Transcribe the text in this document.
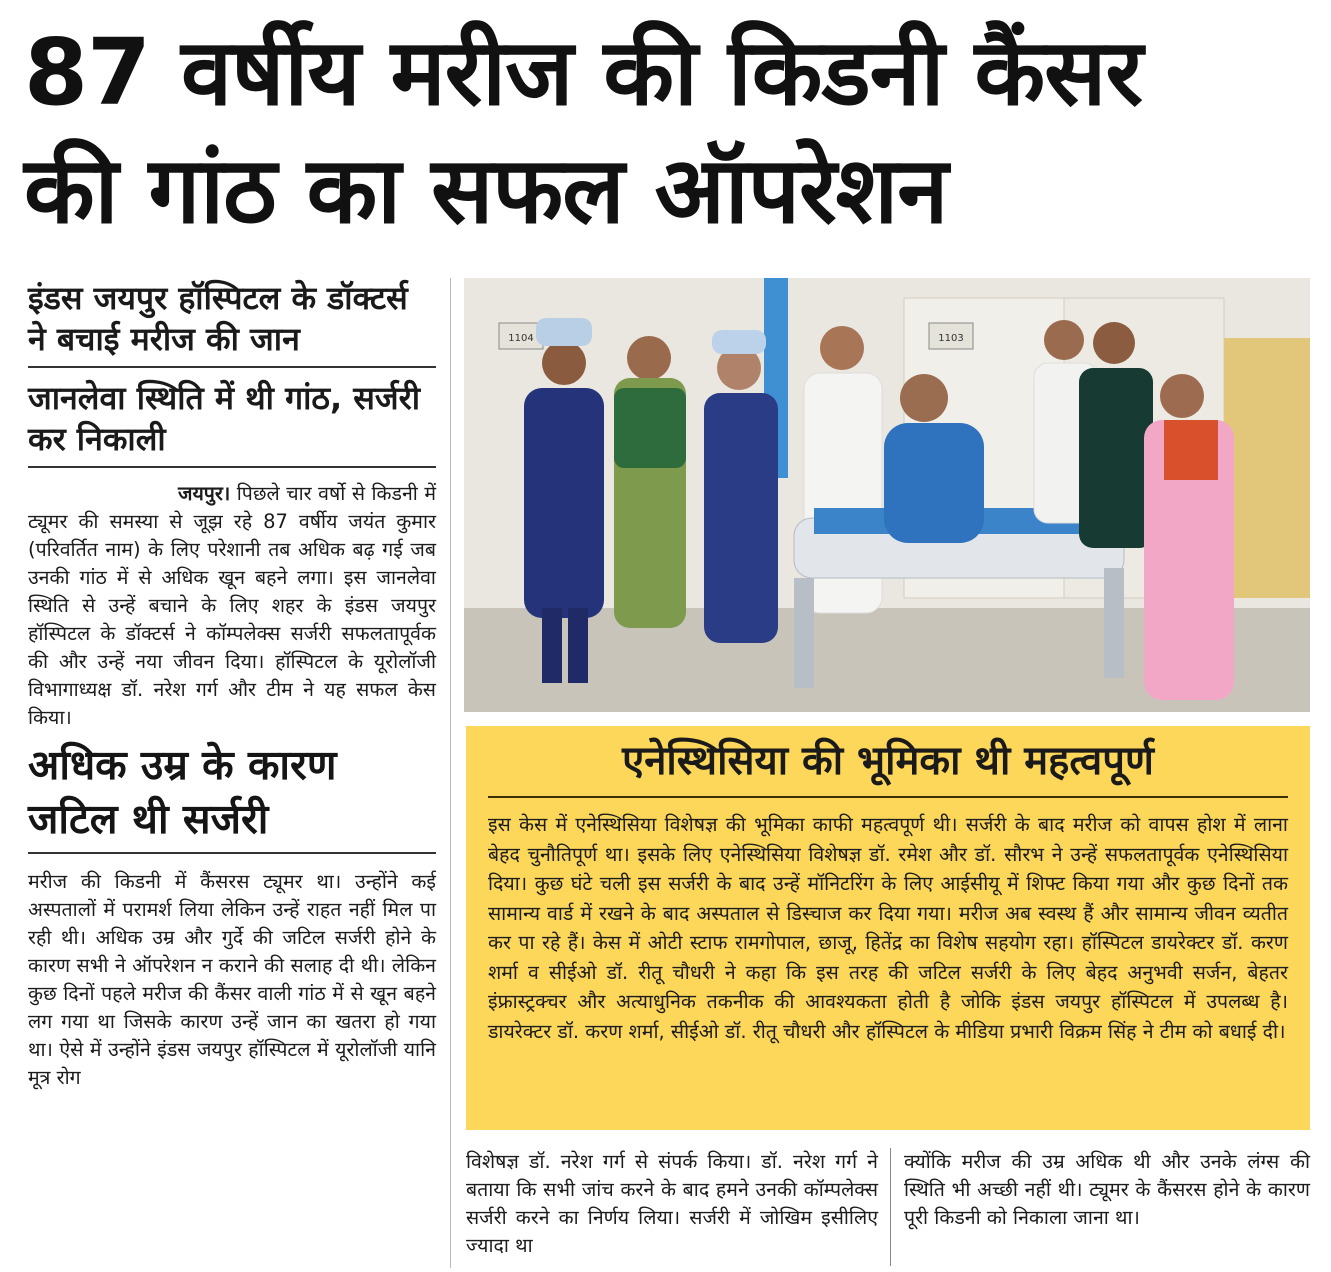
87 वर्षीय मरीज की किडनी कैंसर
की गांठ का सफल ऑपरेशन
इंडस जयपुर हॉस्पिटल के डॉक्टर्स ने बचाई मरीज की जान
जानलेवा स्थिति में थी गांठ, सर्जरी कर निकाली

जयपुर। पिछले चार वर्षो से किडनी में ट्यूमर की समस्या से जूझ रहे 87 वर्षीय जयंत कुमार (परिवर्तित नाम) के लिए परेशानी तब अधिक बढ़ गई जब उनकी गांठ में से अधिक खून बहने लगा। इस जानलेवा स्थिति से उन्हें बचाने के लिए शहर के इंडस जयपुर हॉस्पिटल के डॉक्टर्स ने कॉम्पलेक्स सर्जरी सफलतापूर्वक की और उन्हें नया जीवन दिया। हॉस्पिटल के यूरोलॉजी विभागाध्यक्ष डॉ. नरेश गर्ग और टीम ने यह सफल केस किया।

अधिक उम्र के कारण जटिल थी सर्जरी

मरीज की किडनी में कैंसरस ट्यूमर था। उन्होंने कई अस्पतालों में परामर्श लिया लेकिन उन्हें राहत नहीं मिल पा रही थी। अधिक उम्र और गुर्दे की जटिल सर्जरी होने के कारण सभी ने ऑपरेशन न कराने की सलाह दी थी। लेकिन कुछ दिनों पहले मरीज की कैंसर वाली गांठ में से खून बहने लग गया था जिसके कारण उन्हें जान का खतरा हो गया था। ऐसे में उन्होंने इंडस जयपुर हॉस्पिटल में यूरोलॉजी यानि मूत्र रोग

1104	1103
एनेस्थिसिया की भूमिका थी महत्वपूर्ण

इस केस में एनेस्थिसिया विशेषज्ञ की भूमिका काफी महत्वपूर्ण थी। सर्जरी के बाद मरीज को वापस होश में लाना बेहद चुनौतिपूर्ण था। इसके लिए एनेस्थिसिया विशेषज्ञ डॉ. रमेश और डॉ. सौरभ ने उन्हें सफलतापूर्वक एनेस्थिसिया दिया। कुछ घंटे चली इस सर्जरी के बाद उन्हें मॉनिटरिंग के लिए आईसीयू में शिफ्ट किया गया और कुछ दिनों तक सामान्य वार्ड में रखने के बाद अस्पताल से डिस्चाज कर दिया गया। मरीज अब स्वस्थ हैं और सामान्य जीवन व्यतीत कर पा रहे हैं। केस में ओटी स्टाफ रामगोपाल, छाजू, हितेंद्र का विशेष सहयोग रहा। हॉस्पिटल डायरेक्टर डॉ. करण शर्मा व सीईओ डॉ. रीतू चौधरी ने कहा कि इस तरह की जटिल सर्जरी के लिए बेहद अनुभवी सर्जन, बेहतर इंफ्रास्ट्रक्चर और अत्याधुनिक तकनीक की आवश्यकता होती है जोकि इंडस जयपुर हॉस्पिटल में उपलब्ध है। डायरेक्टर डॉ. करण शर्मा, सीईओ डॉ. रीतू चौधरी और हॉस्पिटल के मीडिया प्रभारी विक्रम सिंह ने टीम को बधाई दी।

विशेषज्ञ डॉ. नरेश गर्ग से संपर्क किया। डॉ. नरेश गर्ग ने बताया कि सभी जांच करने के बाद हमने उनकी कॉम्पलेक्स सर्जरी करने का निर्णय लिया। सर्जरी में जोखिम इसीलिए ज्यादा था

क्योंकि मरीज की उम्र अधिक थी और उनके लंग्स की स्थिति भी अच्छी नहीं थी। ट्यूमर के कैंसरस होने के कारण पूरी किडनी को निकाला जाना था।
